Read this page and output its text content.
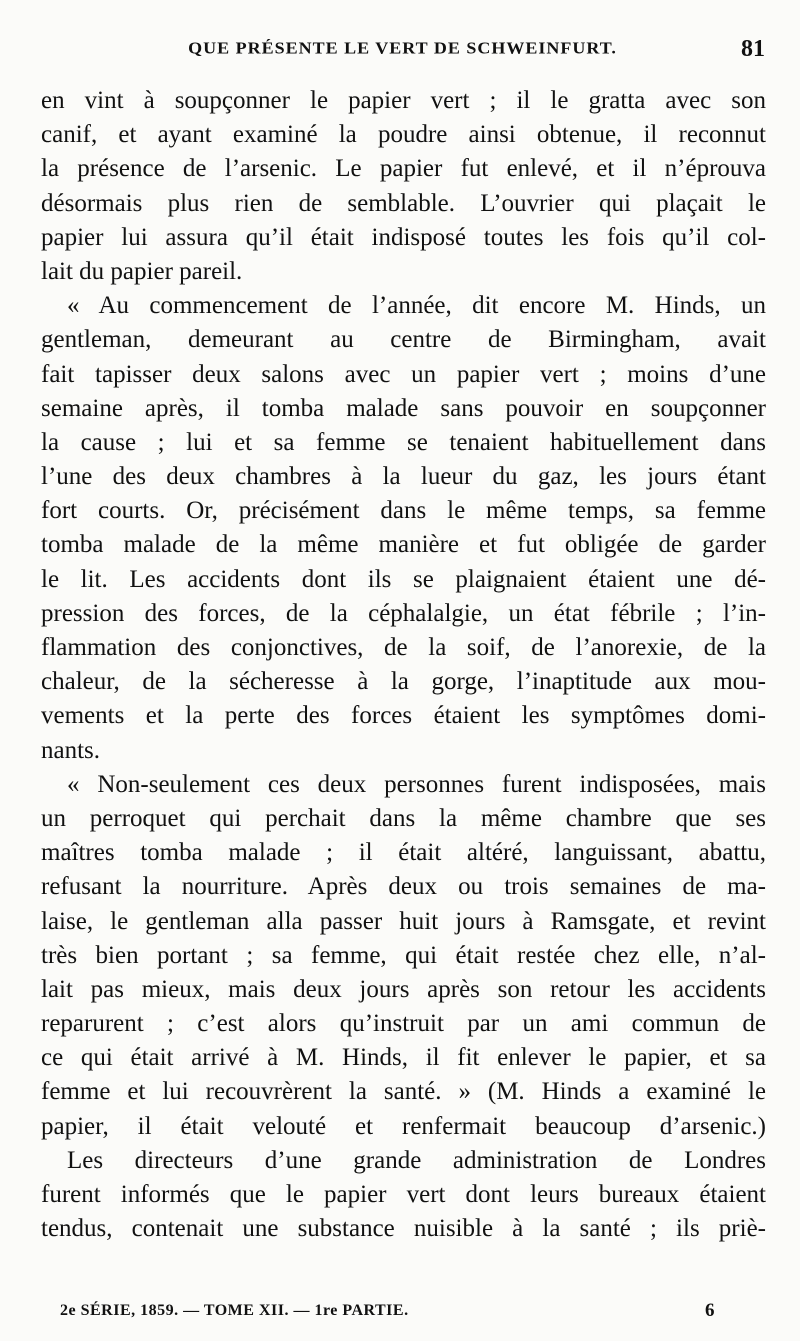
QUE PRÉSENTE LE VERT DE SCHWEINFURT.	81
en vint à soupçonner le papier vert ; il le gratta avec son
canif, et ayant examiné la poudre ainsi obtenue, il reconnut
la présence de l’arsenic. Le papier fut enlevé, et il n’éprouva
désormais plus rien de semblable. L’ouvrier qui plaçait le
papier lui assura qu’il était indisposé toutes les fois qu’il col-
lait du papier pareil.
« Au commencement de l’année, dit encore M. Hinds, un
gentleman, demeurant au centre de Birmingham, avait
fait tapisser deux salons avec un papier vert ; moins d’une
semaine après, il tomba malade sans pouvoir en soupçonner
la cause ; lui et sa femme se tenaient habituellement dans
l’une des deux chambres à la lueur du gaz, les jours étant
fort courts. Or, précisément dans le même temps, sa femme
tomba malade de la même manière et fut obligée de garder
le lit. Les accidents dont ils se plaignaient étaient une dé-
pression des forces, de la céphalalgie, un état fébrile ; l’in-
flammation des conjonctives, de la soif, de l’anorexie, de la
chaleur, de la sécheresse à la gorge, l’inaptitude aux mou-
vements et la perte des forces étaient les symptômes domi-
nants.
« Non-seulement ces deux personnes furent indisposées, mais
un perroquet qui perchait dans la même chambre que ses
maîtres tomba malade ; il était altéré, languissant, abattu,
refusant la nourriture. Après deux ou trois semaines de ma-
laise, le gentleman alla passer huit jours à Ramsgate, et revint
très bien portant ; sa femme, qui était restée chez elle, n’al-
lait pas mieux, mais deux jours après son retour les accidents
reparurent ; c’est alors qu’instruit par un ami commun de
ce qui était arrivé à M. Hinds, il fit enlever le papier, et sa
femme et lui recouvrèrent la santé. » (M. Hinds a examiné le
papier, il était velouté et renfermait beaucoup d’arsenic.)
Les directeurs d’une grande administration de Londres
furent informés que le papier vert dont leurs bureaux étaient
tendus, contenait une substance nuisible à la santé ; ils priè-
2e SÉRIE, 1859. — TOME XII. — 1re PARTIE.	6
